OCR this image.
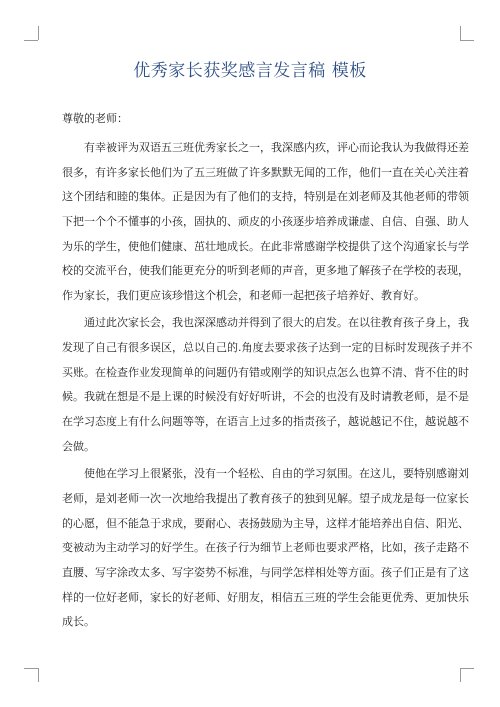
优秀家长获奖感言发言稿 模板
尊敬的老师：
　　有幸被评为双语五三班优秀家长之一，我深感内疚，评心而论我认为我做得还差
很多，有许多家长他们为了五三班做了许多默默无闻的工作，他们一直在关心关注着
这个团结和睦的集体。正是因为有了他们的支持，特别是在刘老师及其他老师的带领
下把一个个不懂事的小孩，固执的、顽皮的小孩逐步培养成谦虚、自信、自强、助人
为乐的学生，使他们健康、茁壮地成长。在此非常感谢学校提供了这个沟通家长与学
校的交流平台，使我们能更充分的听到老师的声音，更多地了解孩子在学校的表现，
作为家长，我们更应该珍惜这个机会，和老师一起把孩子培养好、教育好。
　　通过此次家长会，我也深深感动并得到了很大的启发。在以往教育孩子身上，我
发现了自己有很多误区，总以自己的.角度去要求孩子达到一定的目标时发现孩子并不
买账。在检查作业发现简单的问题仍有错或刚学的知识点怎么也算不清、背不住的时
候。我就在想是不是上课的时候没有好好听讲，不会的也没有及时请教老师，是不是
在学习态度上有什么问题等等，在语言上过多的指责孩子，越说越记不住，越说越不
会做。
　　使他在学习上很紧张，没有一个轻松、自由的学习氛围。在这儿，要特别感谢刘
老师，是刘老师一次一次地给我提出了教育孩子的独到见解。望子成龙是每一位家长
的心愿，但不能急于求成，要耐心、表扬鼓励为主导，这样才能培养出自信、阳光、
变被动为主动学习的好学生。在孩子行为细节上老师也要求严格，比如，孩子走路不
直腰、写字涂改太多、写字姿势不标准，与同学怎样相处等方面。孩子们正是有了这
样的一位好老师，家长的好老师、好朋友，相信五三班的学生会能更优秀、更加快乐
成长。
